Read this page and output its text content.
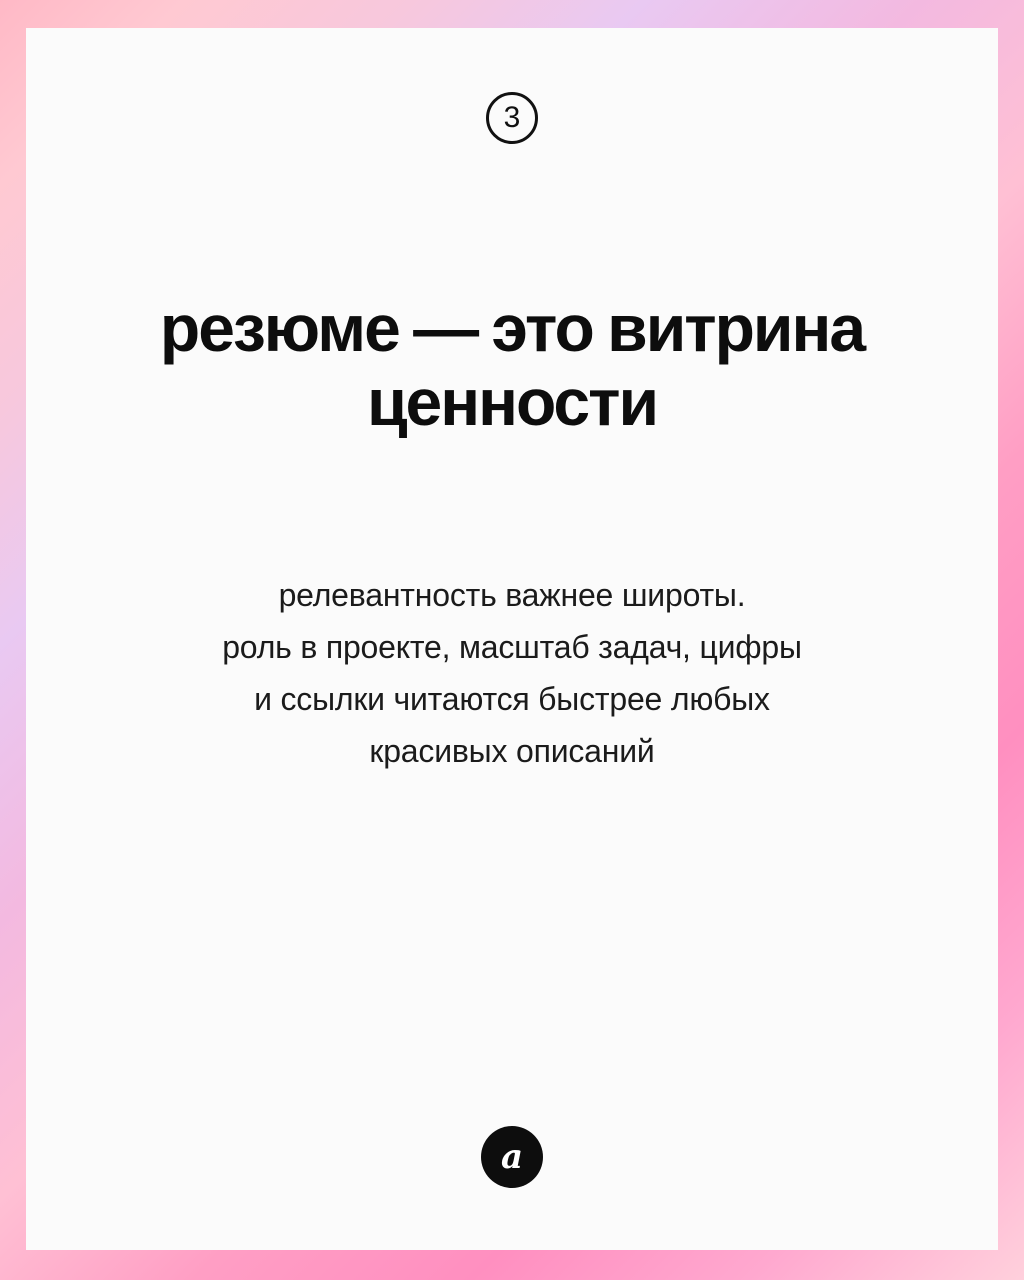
3
резюме — это витрина ценности
релевантность важнее широты.
роль в проекте, масштаб задач, цифры
и ссылки читаются быстрее любых
красивых описаний
a
